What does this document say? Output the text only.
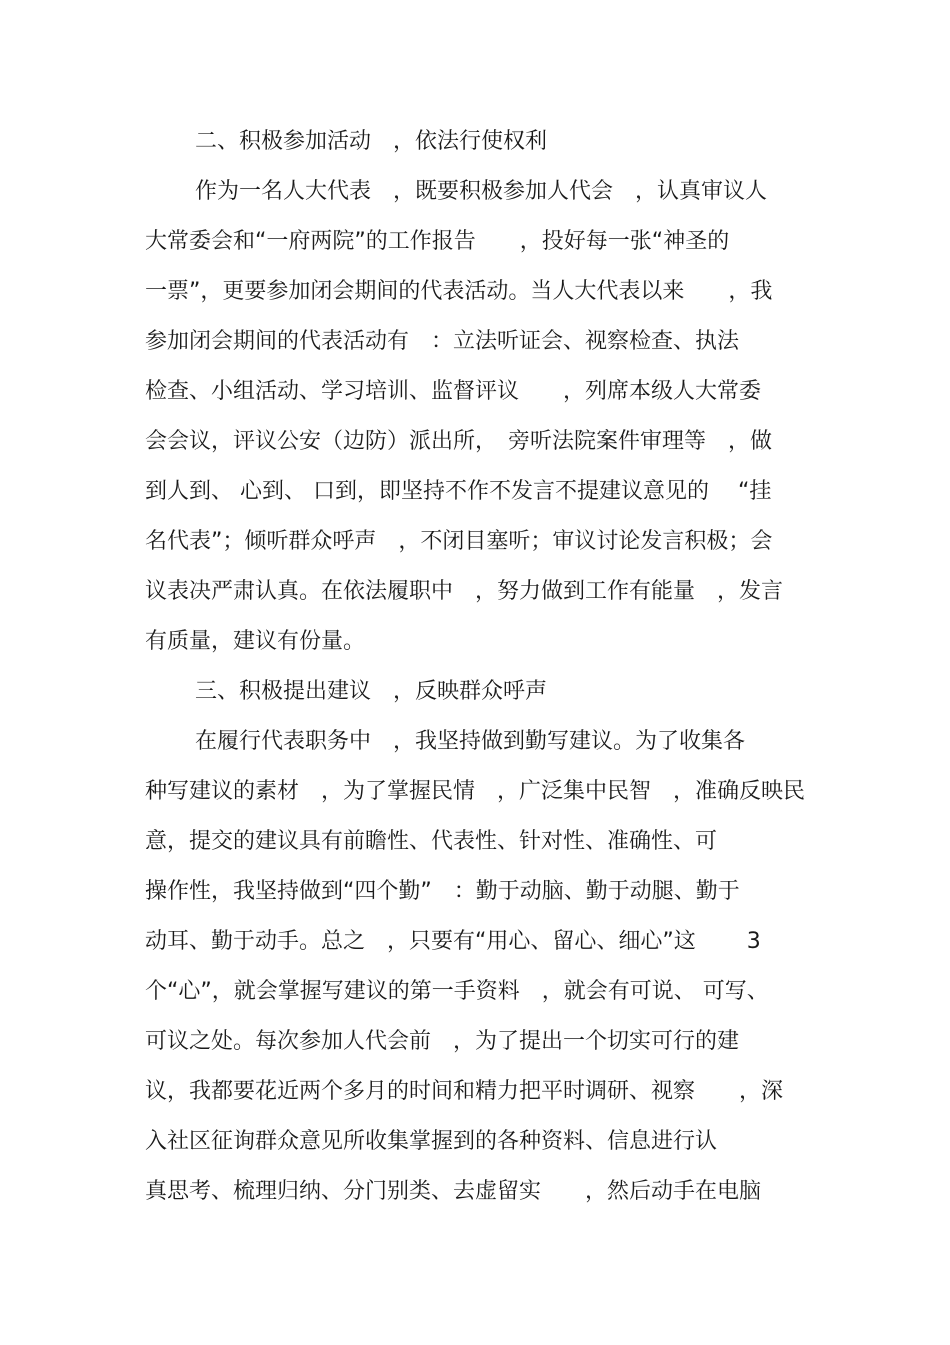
二、积极参加活动　，依法行使权利

作为一名人大代表　，既要积极参加人代会　，认真审议人

大常委会和“一府两院”的工作报告　　，投好每一张“神圣的

一票”，更要参加闭会期间的代表活动。当人大代表以来　　，我

参加闭会期间的代表活动有　：立法听证会、视察检查、执法

检查、小组活动、学习培训、监督评议　　，列席本级人大常委

会会议，评议公安（边防）派出所，　旁听法院案件审理等　，做

到人到、 心到、 口到，即坚持不作不发言不提建议意见的　 “挂

名代表”；倾听群众呼声　，不闭目塞听；审议讨论发言积极；会

议表决严肃认真。在依法履职中　，努力做到工作有能量　，发言

有质量，建议有份量。

三、积极提出建议　，反映群众呼声

在履行代表职务中　，我坚持做到勤写建议。为了收集各

种写建议的素材　，为了掌握民情　，广泛集中民智　，准确反映民

意，提交的建议具有前瞻性、代表性、针对性、准确性、可

操作性，我坚持做到“四个勤”　：勤于动脑、勤于动腿、勤于

动耳、勤于动手。总之　，只要有“用心、留心、细心”这　　 3

个“心”，就会掌握写建议的第一手资料　，就会有可说、 可写、

可议之处。每次参加人代会前　，为了提出一个切实可行的建

议，我都要花近两个多月的时间和精力把平时调研、视察　　，深

入社区征询群众意见所收集掌握到的各种资料、信息进行认

真思考、梳理归纳、分门别类、去虚留实　　，然后动手在电脑
